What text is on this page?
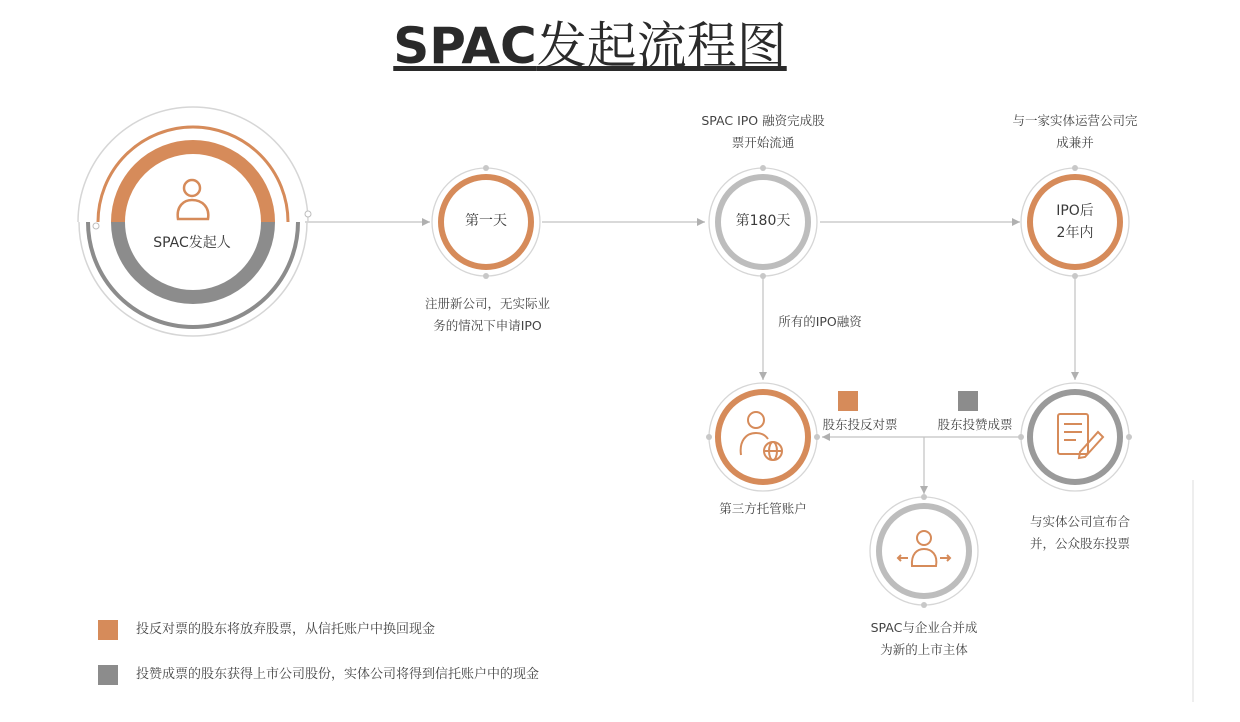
SPAC发起流程图
SPAC发起人
第一天	第180天
IPO后
2年内
SPAC IPO 融资完成股
票开始流通
与一家实体运营公司完
成兼并
注册新公司，无实际业
务的情况下申请IPO	所有的IPO融资
股东投反对票	股东投赞成票
第三方托管账户
与实体公司宣布合
并，公众股东投票
SPAC与企业合并成
为新的上市主体
投反对票的股东将放弃股票，从信托账户中换回现金
投赞成票的股东获得上市公司股份，实体公司将得到信托账户中的现金
